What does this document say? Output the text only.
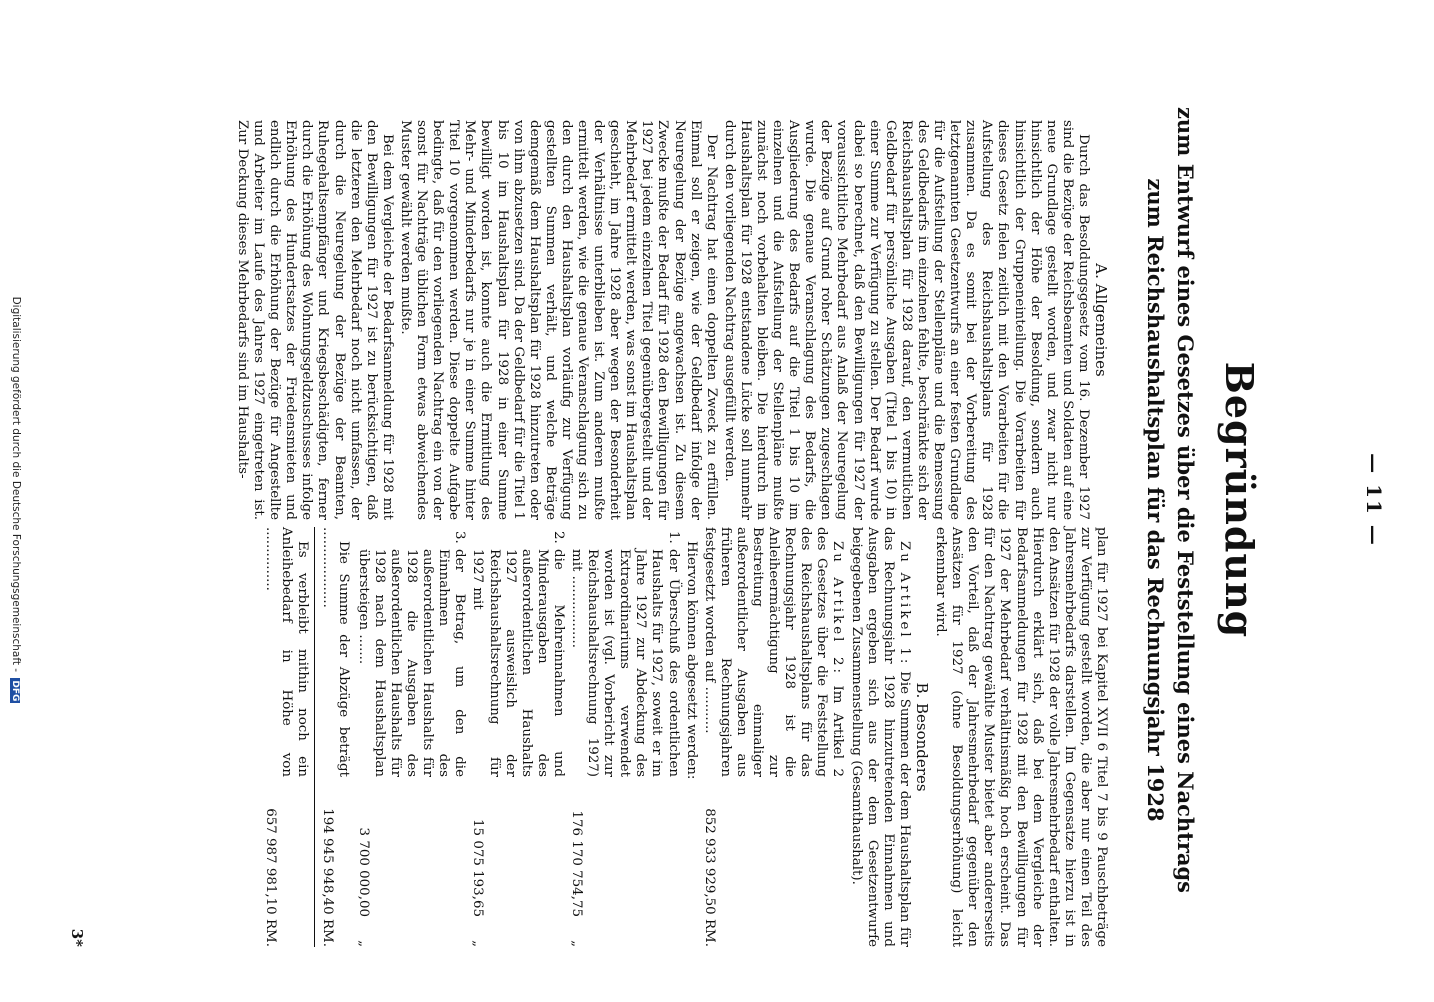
— 11 —
Begründung
zum Entwurf eines Gesetzes über die Feststellung eines Nachtrags
zum Reichshaushaltsplan für das Rechnungsjahr 1928

A. Allgemeines

Durch das Besoldungsgesetz vom 16. Dezember 1927 sind die Bezüge der Reichsbeamten und Soldaten auf eine neue Grundlage gestellt worden, und zwar nicht nur hinsichtlich der Höhe der Besoldung, sondern auch hinsichtlich der Gruppeneinteilung. Die Vorarbeiten für dieses Gesetz fielen zeitlich mit den Vorarbeiten für die Aufstellung des Reichshaushaltsplans für 1928 zusammen. Da es somit bei der Vorbereitung des letztgenannten Gesetzentwurfs an einer festen Grundlage für die Aufstellung der Stellenpläne und die Bemessung des Geldbedarfs im einzelnen fehlte, beschränkte sich der Reichshaushaltsplan für 1928 darauf, den vermutlichen Geldbedarf für persönliche Ausgaben (Titel 1 bis 10) in einer Summe zur Verfügung zu stellen. Der Bedarf wurde dabei so berechnet, daß den Bewilligungen für 1927 der voraussichtliche Mehrbedarf aus Anlaß der Neuregelung der Bezüge auf Grund roher Schätzungen zugeschlagen wurde. Die genaue Veranschlagung des Bedarfs, die Ausgliederung des Bedarfs auf die Titel 1 bis 10 im einzelnen und die Aufstellung der Stellenpläne mußte zunächst noch vorbehalten bleiben. Die hierdurch im Haushaltsplan für 1928 entstandene Lücke soll nunmehr durch den vorliegenden Nachtrag ausgefüllt werden.

Der Nachtrag hat einen doppelten Zweck zu erfüllen. Einmal soll er zeigen, wie der Geldbedarf infolge der Neuregelung der Bezüge angewachsen ist. Zu diesem Zwecke mußte der Bedarf für 1928 den Bewilligungen für 1927 bei jedem einzelnen Titel gegenübergestellt und der Mehrbedarf ermittelt werden, was sonst im Haushaltsplan geschieht, im Jahre 1928 aber wegen der Besonderheit der Verhältnisse unterblieben ist. Zum anderen mußte ermittelt werden, wie die genaue Veranschlagung sich zu den durch den Haushaltsplan vorläufig zur Verfügung gestellten Summen verhält, und welche Beträge demgemäß dem Haushaltsplan für 1928 hinzutreten oder von ihm abzusetzen sind. Da der Geldbedarf für die Titel 1 bis 10 im Haushaltsplan für 1928 in einer Summe bewilligt worden ist, konnte auch die Ermittlung des Mehr- und Minderbedarfs nur je in einer Summe hinter Titel 10 vorgenommen werden. Diese doppelte Aufgabe bedingte, daß für den vorliegenden Nachtrag ein von der sonst für Nachträge üblichen Form etwas abweichendes Muster gewählt werden mußte.

Bei dem Vergleiche der Bedarfsanmeldung für 1928 mit den Bewilligungen für 1927 ist zu berücksichtigen, daß die letzteren den Mehrbedarf noch nicht umfassen, der durch die Neuregelung der Bezüge der Beamten, Ruhegehaltsempfänger und Kriegsbeschädigten, ferner durch die Erhöhung des Wohnungsgeldzuschusses infolge Erhöhung des Hundertsatzes der Friedensmieten und endlich durch die Erhöhung der Bezüge für Angestellte und Arbeiter im Laufe des Jahres 1927 eingetreten ist. Zur Deckung dieses Mehrbedarfs sind im Haushalts-

plan für 1927 bei Kapitel XVII 6 Titel 7 bis 9 Pauschbeträge zur Verfügung gestellt worden, die aber nur einen Teil des Jahresmehrbedarfs darstellen. Im Gegensatze hierzu ist in den Ansätzen für 1928 der volle Jahresmehrbedarf enthalten. Hierdurch erklärt sich, daß bei dem Vergleiche der Bedarfsanmeldungen für 1928 mit den Bewilligungen für 1927 der Mehrbedarf verhältnismäßig hoch erscheint. Das für den Nachtrag gewählte Muster bietet aber andererseits den Vorteil, daß der Jahresmehrbedarf gegenüber den Ansätzen für 1927 (ohne Besoldungserhöhung) leicht erkennbar wird.

B. Besonderes

Zu Artikel 1: Die Summen der dem Haushaltsplan für das Rechnungsjahr 1928 hinzutretenden Einnahmen und Ausgaben ergeben sich aus der dem Gesetzentwurfe beigegebenen Zusammenstellung (Gesamthaushalt).

Zu Artikel 2: Im Artikel 2 des Gesetzes über die Feststellung des Reichshaushaltsplans für das Rechnungsjahr 1928 ist die Anleiheermächtigung zur Bestreitung einmaliger außerordentlicher Ausgaben aus früheren Rechnungsjahren festgesetzt worden auf ...........
852 933 929,50 RM.

Hiervon können abgesetzt werden:

1.
der Überschuß des ordentlichen Haushalts für 1927, soweit er im Jahre 1927 zur Abdeckung des Extraordinariums verwendet worden ist (vgl. Vorbericht zur Reichshaushaltsrechnung 1927) mit .................
176 170 754,75
„
2.
die Mehreinnahmen und Minderausgaben des außerordentlichen Haushalts 1927 ausweislich der Reichshaushaltsrechnung für 1927 mit
15 075 193,65
„
3.
der Betrag, um den die Einnahmen des außerordentlichen Haushalts für 1928 die Ausgaben des außerordentlichen Haushalts für 1928 nach dem Haushaltsplan übersteigen .......
3 700 000,00
„
Die Summe der Abzüge beträgt ...................
194 945 948,40 RM.
Es verbleibt mithin noch ein Anleihebedarf in Höhe von ...............
657 987 981,10 RM.
3*
Digitalisierung gefördert durch die Deutsche Forschungsgemeinschaft - DFG
